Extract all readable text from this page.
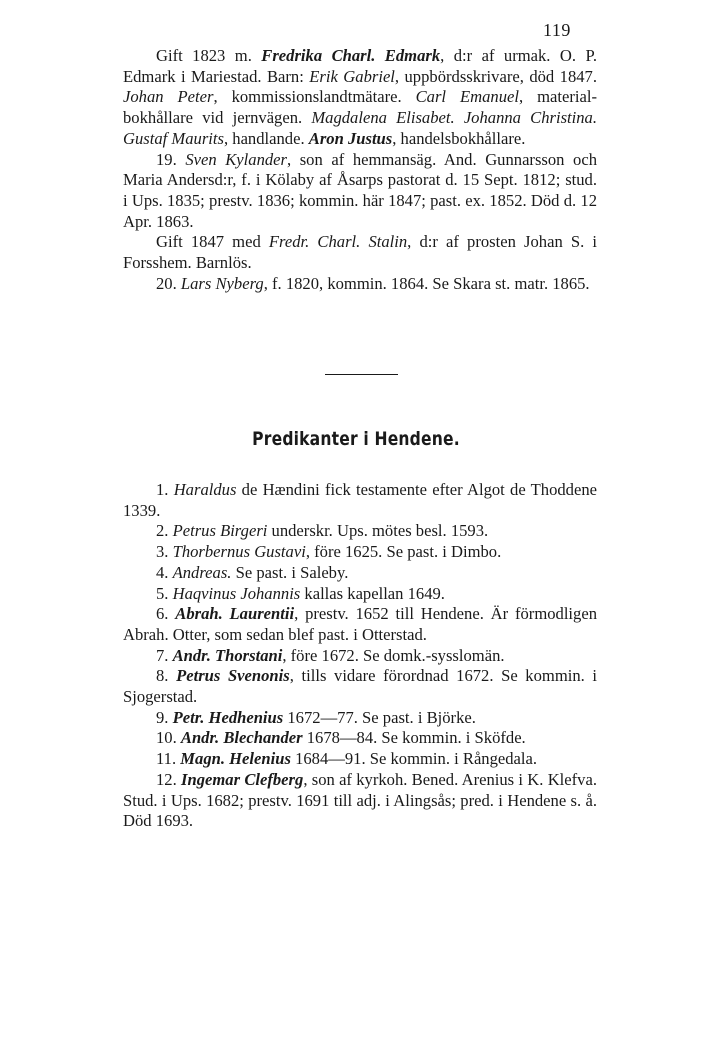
119

Gift 1823 m. Fredrika Charl. Edmark, d:r af urmak. O. P. Edmark i Mariestad. Barn: Erik Gabriel, uppbördsskrivare, död 1847. Johan Peter, kommissionslandtmätare. Carl Emanuel, material-bokhållare vid jernvägen. Magdalena Elisabet. Johanna Christina. Gustaf Maurits, handlande. Aron Justus, handelsbokhållare.

19. Sven Kylander, son af hemmansäg. And. Gunnarsson och Maria Andersd:r, f. i Kölaby af Åsarps pastorat d. 15 Sept. 1812; stud. i Ups. 1835; prestv. 1836; kommin. här 1847; past. ex. 1852. Död d. 12 Apr. 1863.

Gift 1847 med Fredr. Charl. Stalin, d:r af prosten Johan S. i Forsshem. Barnlös.

20. Lars Nyberg, f. 1820, kommin. 1864. Se Skara st. matr. 1865.

Predikanter i Hendene.

1. Haraldus de Hændini fick testamente efter Algot de Thoddene 1339.

2. Petrus Birgeri underskr. Ups. mötes besl. 1593.

3. Thorbernus Gustavi, före 1625. Se past. i Dimbo.

4. Andreas. Se past. i Saleby.

5. Haqvinus Johannis kallas kapellan 1649.

6. Abrah. Laurentii, prestv. 1652 till Hendene. Är förmodligen Abrah. Otter, som sedan blef past. i Otterstad.

7. Andr. Thorstani, före 1672. Se domk.-sysslomän.

8. Petrus Svenonis, tills vidare förordnad 1672. Se kommin. i Sjogerstad.

9. Petr. Hedhenius 1672—77. Se past. i Björke.

10. Andr. Blechander 1678—84. Se kommin. i Sköfde.

11. Magn. Helenius 1684—91. Se kommin. i Rångedala.

12. Ingemar Clefberg, son af kyrkoh. Bened. Arenius i K. Klefva. Stud. i Ups. 1682; prestv. 1691 till adj. i Alingsås; pred. i Hendene s. å. Död 1693.
